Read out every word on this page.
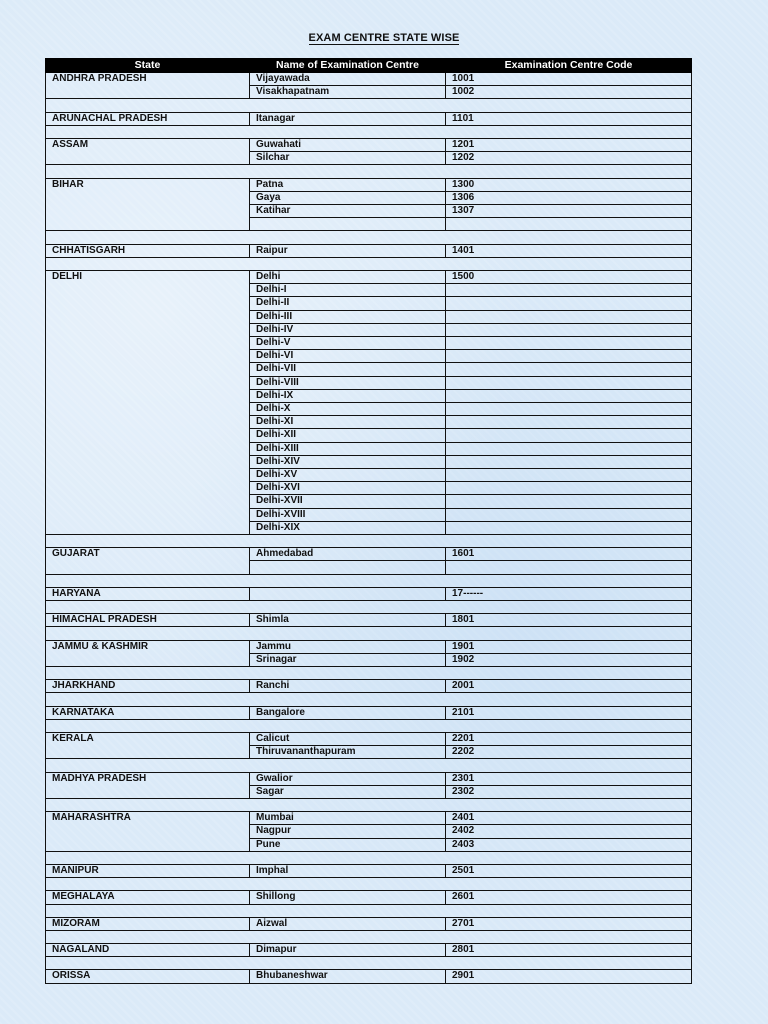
EXAM CENTRE STATE WISE
State	Name of Examination Centre	Examination Centre Code
ANDHRA PRADESH	Vijayawada	1001
	Visakhapatnam	1002

ARUNACHAL PRADESH	Itanagar	1101

ASSAM	Guwahati	1201
	Silchar	1202

BIHAR	Patna	1300
	Gaya	1306
	Katihar	1307

CHHATISGARH	Raipur	1401

DELHI	Delhi	1500
	Delhi-I	
	Delhi-II	
	Delhi-III	
	Delhi-IV	
	Delhi-V	
	Delhi-VI	
	Delhi-VII	
	Delhi-VIII	
	Delhi-IX	
	Delhi-X	
	Delhi-XI	
	Delhi-XII	
	Delhi-XIII	
	Delhi-XIV	
	Delhi-XV	
	Delhi-XVI	
	Delhi-XVII	
	Delhi-XVIII	
	Delhi-XIX	

GUJARAT	Ahmedabad	1601

HARYANA		17------

HIMACHAL PRADESH	Shimla	1801

JAMMU & KASHMIR	Jammu	1901
	Srinagar	1902

JHARKHAND	Ranchi	2001

KARNATAKA	Bangalore	2101

KERALA	Calicut	2201
	Thiruvananthapuram	2202

MADHYA PRADESH	Gwalior	2301
	Sagar	2302

MAHARASHTRA	Mumbai	2401
	Nagpur	2402
	Pune	2403

MANIPUR	Imphal	2501

MEGHALAYA	Shillong	2601

MIZORAM	Aizwal	2701

NAGALAND	Dimapur	2801

ORISSA	Bhubaneshwar	2901
